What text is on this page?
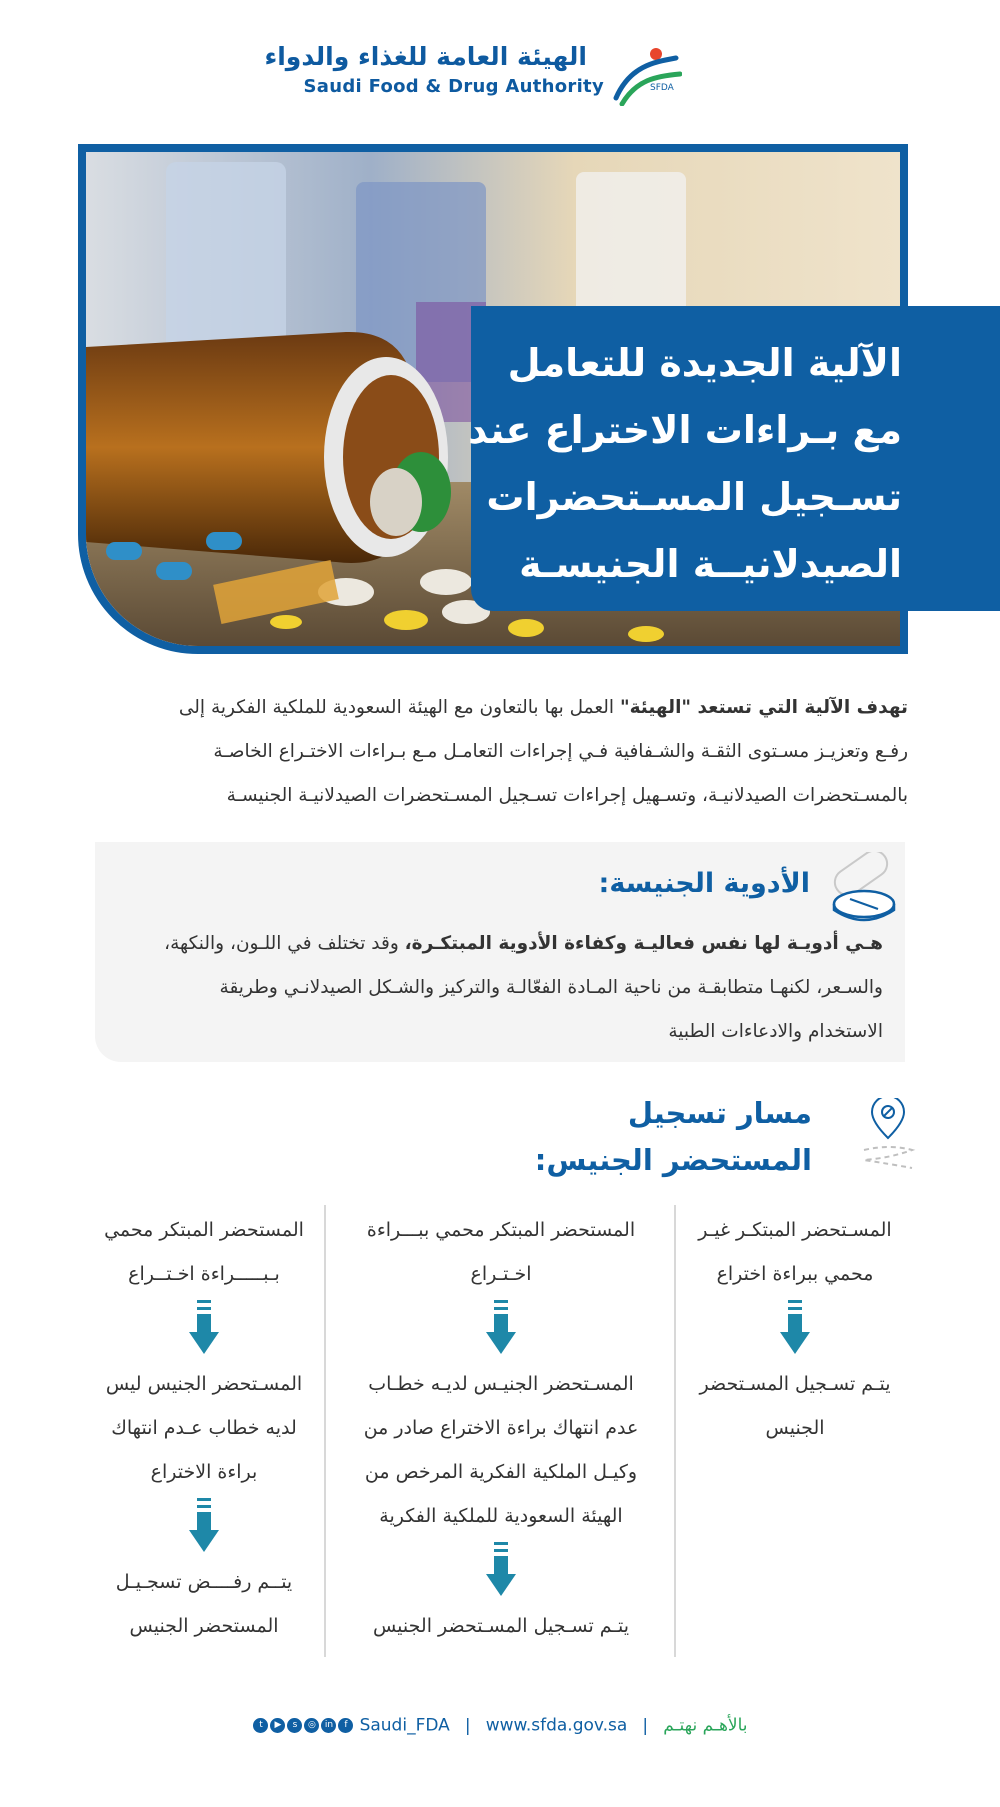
الهيئة العامة للغذاء والدواء
Saudi Food & Drug Authority	SFDA
الآلية الجديدة للتعامل
مع بـراءات الاختراع عند
تسـجيل المسـتحضرات
الصيدلانيــة الجنيسـة
تهدف الآلية التي تستعد "الهيئة" العمل بها بالتعاون مع الهيئة السعودية للملكية الفكرية إلى
رفـع وتعزيـز مسـتوى الثقـة والشـفافية فـي إجراءات التعامـل مـع بـراءات الاختـراع الخاصـة
بالمسـتحضرات الصيدلانيـة، وتسـهيل إجراءات تسـجيل المسـتحضرات الصيدلانيـة الجنيسـة
الأدوية الجنيسة:
هـي أدويـة لها نفس فعاليـة وكفاءة الأدوية المبتكـرة، وقد تختلف في اللـون، والنكهة،
والسـعر، لكنهـا متطابقـة من ناحية المـادة الفعّالـة والتركيز والشـكل الصيدلانـي وطريقة
الاستخدام والادعاءات الطبية
مسار تسجيل
المستحضر الجنيس:
المسـتحضر المبتكـر غيـر
محمي ببراءة اختراع
يتـم تسـجيل المسـتحضر
الجنيس
المستحضر المبتكر محمي ببـــراءة
اخـتـراع
المسـتحضر الجنيـس لديـه خطـاب
عدم انتهاك براءة الاختراع صادر من
وكيـل الملكية الفكرية المرخص من
الهيئة السعودية للملكية الفكرية
يتـم تسـجيل المسـتحضر الجنيس
المستحضر المبتكر محمي
بـبـــــراءة اخـتــراع
المسـتحضر الجنيس ليس
لديه خطاب عـدم انتهاك
براءة الاختراع
يتــم رفــــض تسجـيـل
المستحضر الجنيس
t ▶ s ◎ in f Saudi_FDA | www.sfda.gov.sa | بالأهـم نهتـم
